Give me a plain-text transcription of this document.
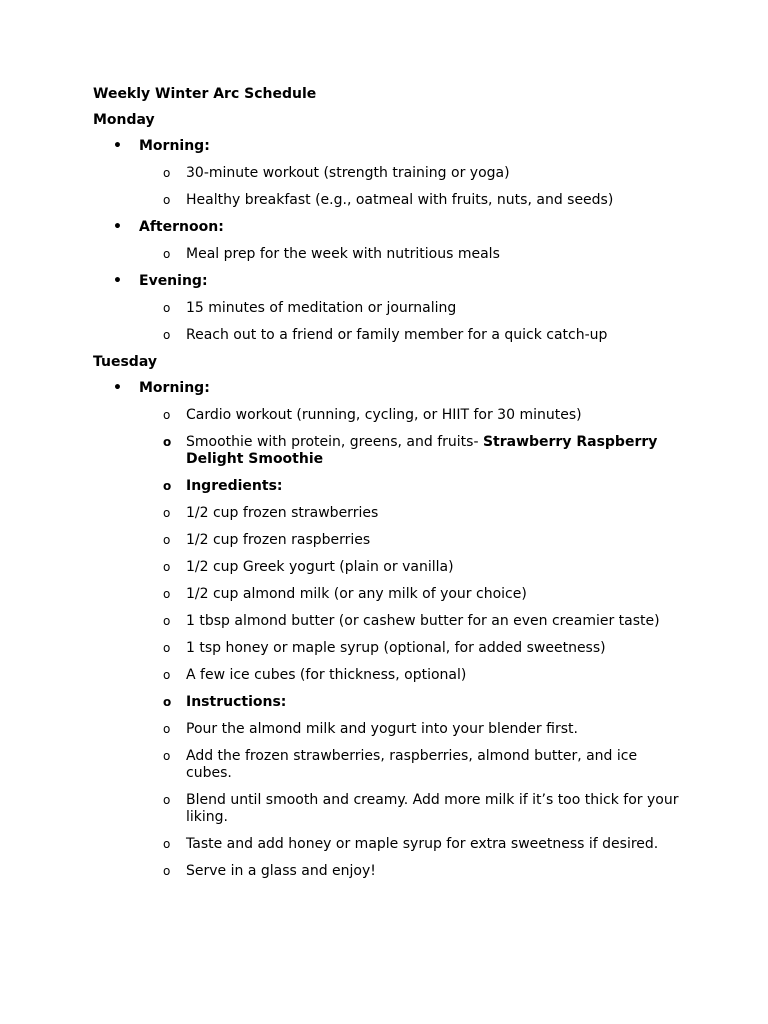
Weekly Winter Arc Schedule
Monday
• Morning:
o 30-minute workout (strength training or yoga)
o Healthy breakfast (e.g., oatmeal with fruits, nuts, and seeds)
• Afternoon:
o Meal prep for the week with nutritious meals
• Evening:
o 15 minutes of meditation or journaling
o Reach out to a friend or family member for a quick catch-up
Tuesday
• Morning:
o Cardio workout (running, cycling, or HIIT for 30 minutes)
o Smoothie with protein, greens, and fruits- Strawberry Raspberry Delight Smoothie
o Ingredients:
o 1/2 cup frozen strawberries
o 1/2 cup frozen raspberries
o 1/2 cup Greek yogurt (plain or vanilla)
o 1/2 cup almond milk (or any milk of your choice)
o 1 tbsp almond butter (or cashew butter for an even creamier taste)
o 1 tsp honey or maple syrup (optional, for added sweetness)
o A few ice cubes (for thickness, optional)
o Instructions:
o Pour the almond milk and yogurt into your blender first.
o Add the frozen strawberries, raspberries, almond butter, and ice cubes.
o Blend until smooth and creamy. Add more milk if it’s too thick for your liking.
o Taste and add honey or maple syrup for extra sweetness if desired.
o Serve in a glass and enjoy!
